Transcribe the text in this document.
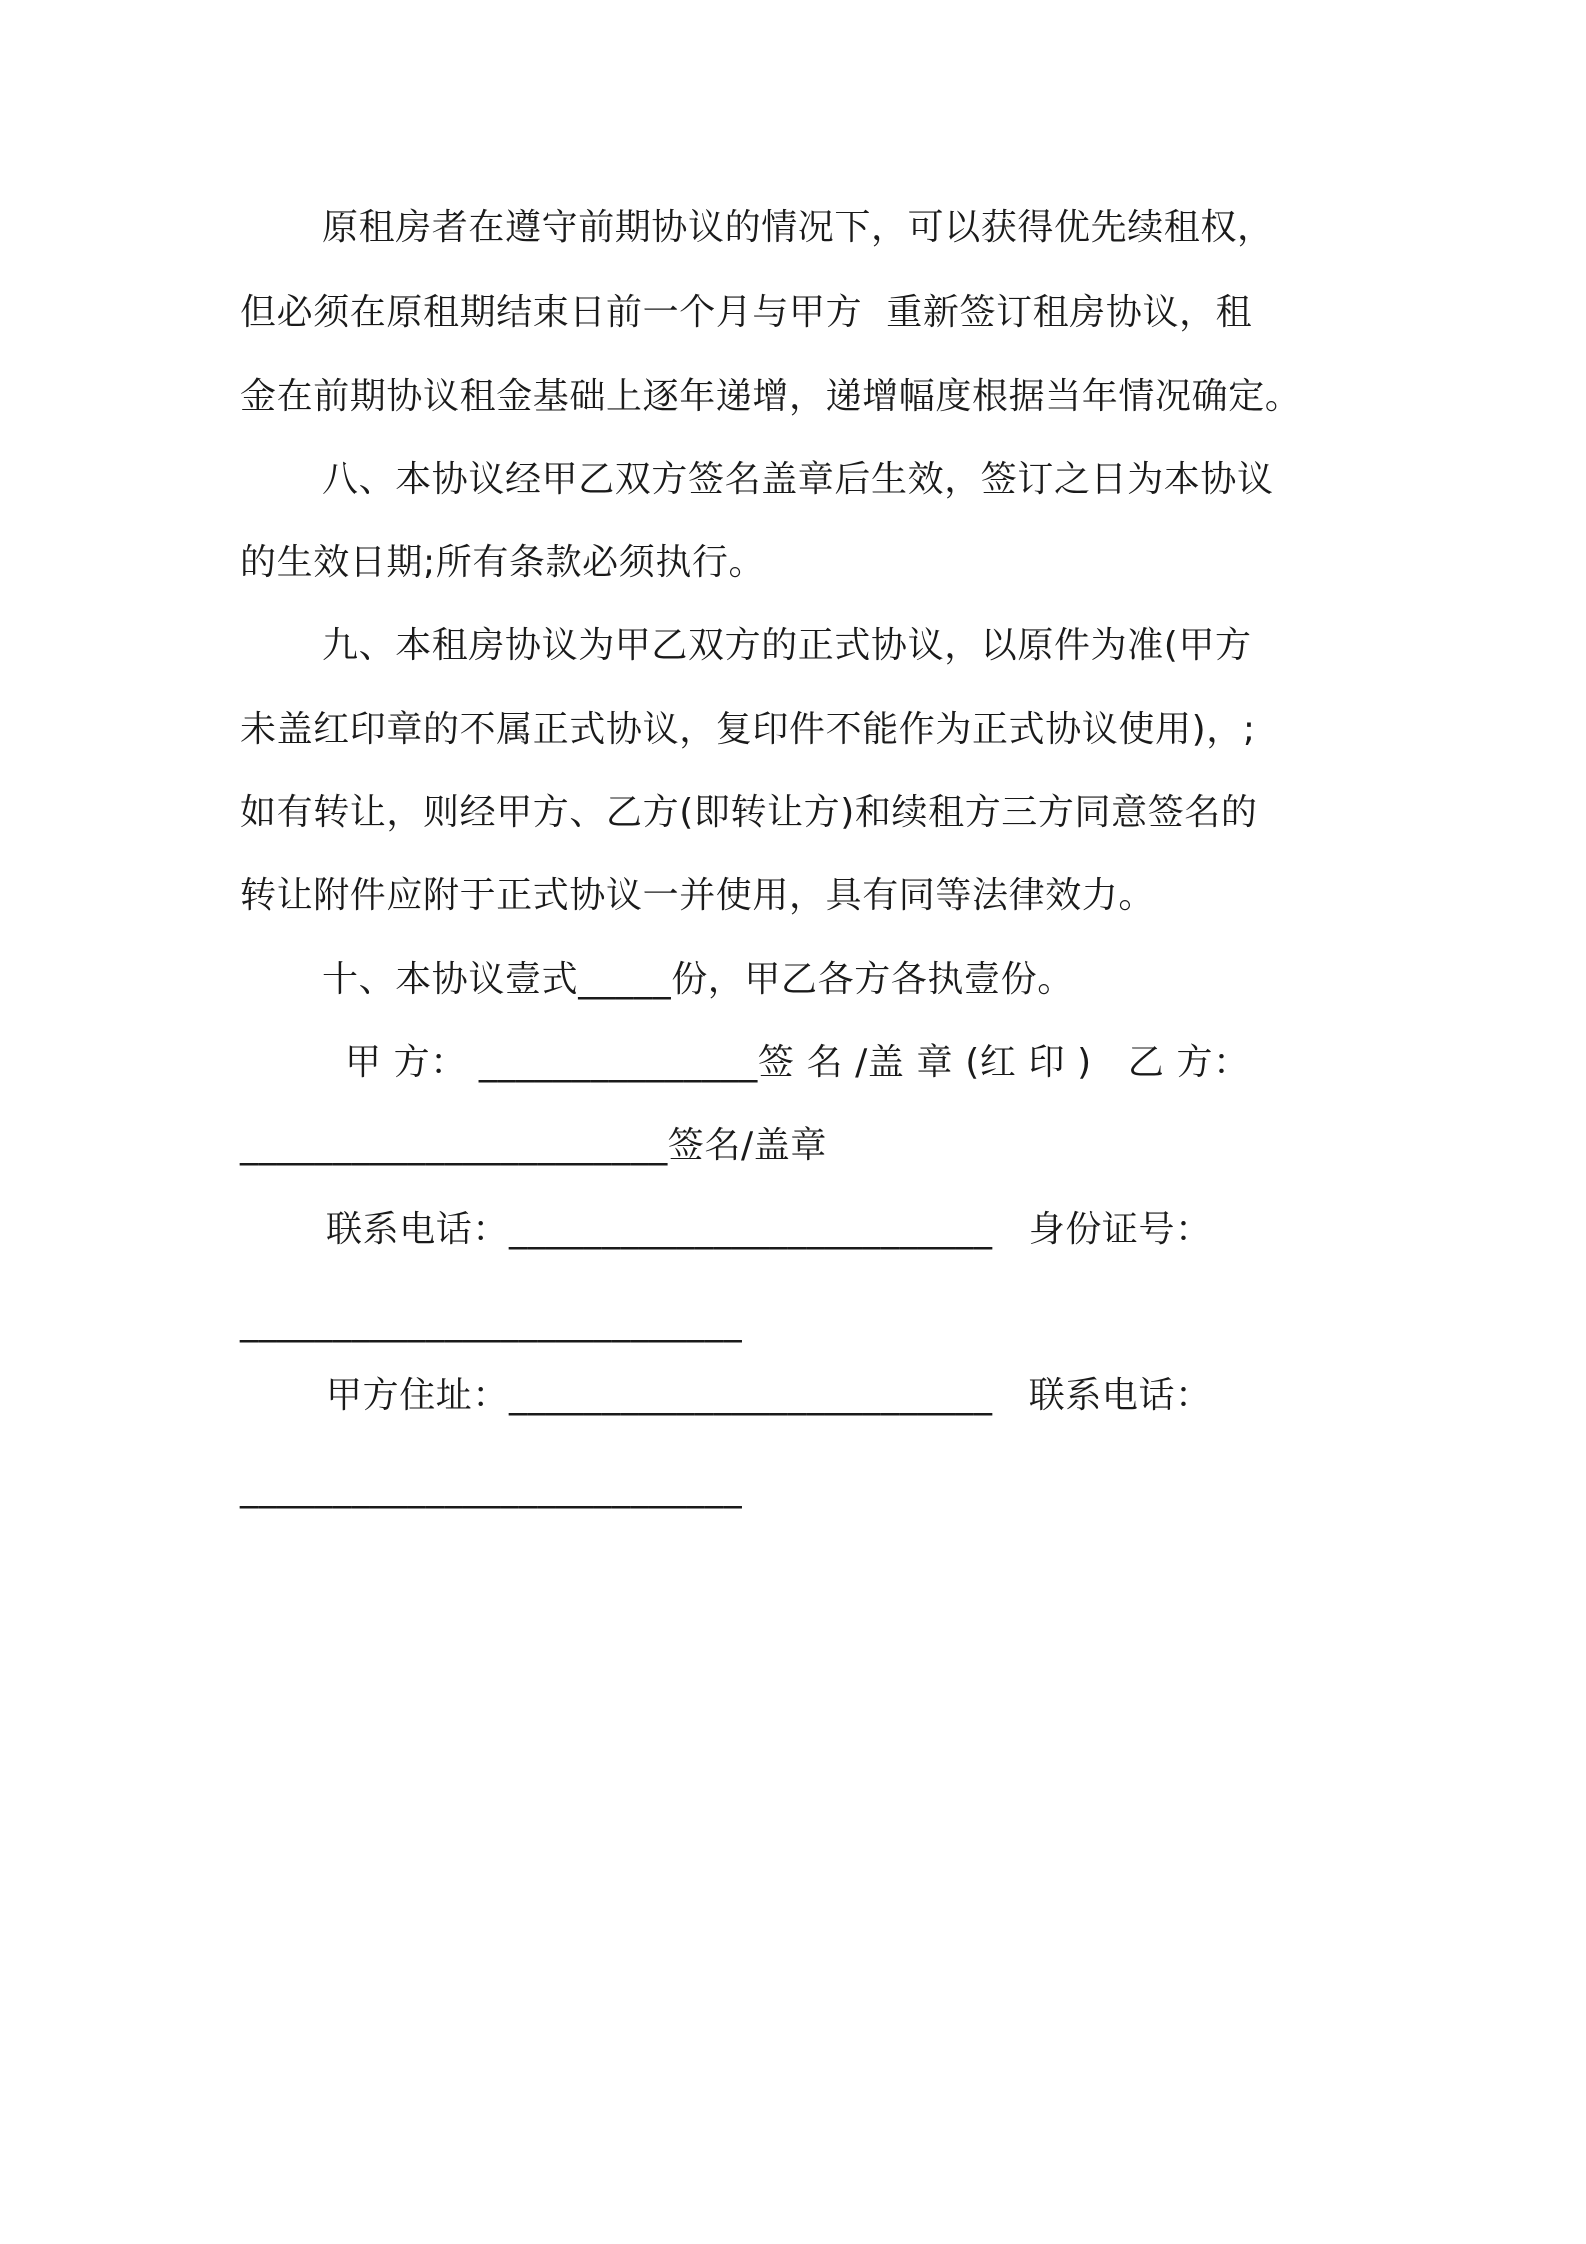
原租房者在遵守前期协议的情况下，可以获得优先续租权，
但必须在原租期结束日前一个月与甲方  重新签订租房协议，租
金在前期协议租金基础上逐年递增，递增幅度根据当年情况确定。
八、本协议经甲乙双方签名盖章后生效，签订之日为本协议
的生效日期;所有条款必须执行。
九、本租房协议为甲乙双方的正式协议，以原件为准(甲方
未盖红印章的不属正式协议，复印件不能作为正式协议使用)，;
如有转让，则经甲方、乙方(即转让方)和续租方三方同意签名的
转让附件应附于正式协议一并使用，具有同等法律效力。
十、本协议壹式_____份，甲乙各方各执壹份。
甲 方： _______________签 名 /盖 章 (红 印 )   乙 方：
_______________________签名/盖章
联系电话：__________________________   身份证号：
___________________________
甲方住址：__________________________   联系电话：
___________________________
